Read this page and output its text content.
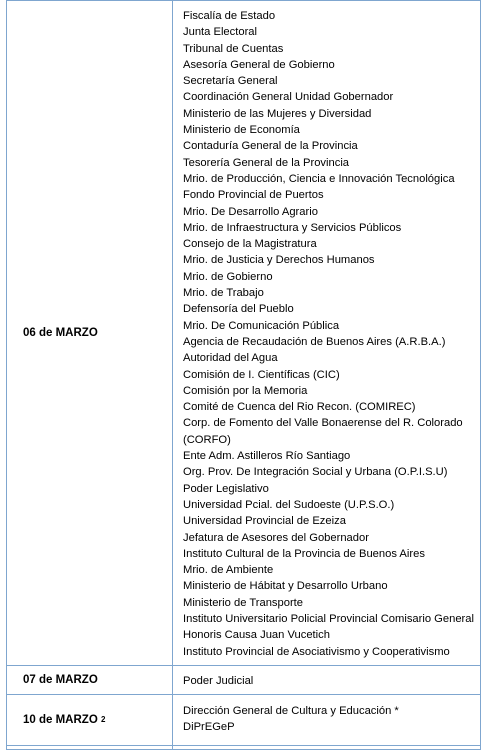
06 de MARZO
Fiscalía de Estado
Junta Electoral
Tribunal de Cuentas
Asesoría General de Gobierno
Secretaría General
Coordinación General Unidad Gobernador
Ministerio de las Mujeres y Diversidad
Ministerio de Economía
Contaduría General de la Provincia
Tesorería General de la Provincia
Mrio. de Producción, Ciencia e Innovación Tecnológica
Fondo Provincial de Puertos
Mrio. De Desarrollo Agrario
Mrio. de Infraestructura y Servicios Públicos
Consejo de la Magistratura
Mrio. de Justicia y Derechos Humanos
Mrio. de Gobierno
Mrio. de Trabajo
Defensoría del Pueblo
Mrio. De Comunicación Pública
Agencia de Recaudación de Buenos Aires (A.R.B.A.)
Autoridad del Agua
Comisión de I. Científicas (CIC)
Comisión por la Memoria
Comité de Cuenca del Rio Recon. (COMIREC)
Corp. de Fomento del Valle Bonaerense del R. Colorado (CORFO)
Ente Adm. Astilleros Río Santiago
Org. Prov. De Integración Social y Urbana (O.P.I.S.U)
Poder Legislativo
Universidad Pcial. del Sudoeste (U.P.S.O.)
Universidad Provincial de Ezeiza
Jefatura de Asesores del Gobernador
Instituto Cultural de la Provincia de Buenos Aires
Mrio. de Ambiente
Ministerio de Hábitat y Desarrollo Urbano
Ministerio de Transporte
Instituto Universitario Policial Provincial Comisario General
Honoris Causa Juan Vucetich
Instituto Provincial de Asociativismo y Cooperativismo
07 de MARZO	Poder Judicial
10 de MARZO
$^2$
Dirección General de Cultura y Educación *
DiPrEGeP
